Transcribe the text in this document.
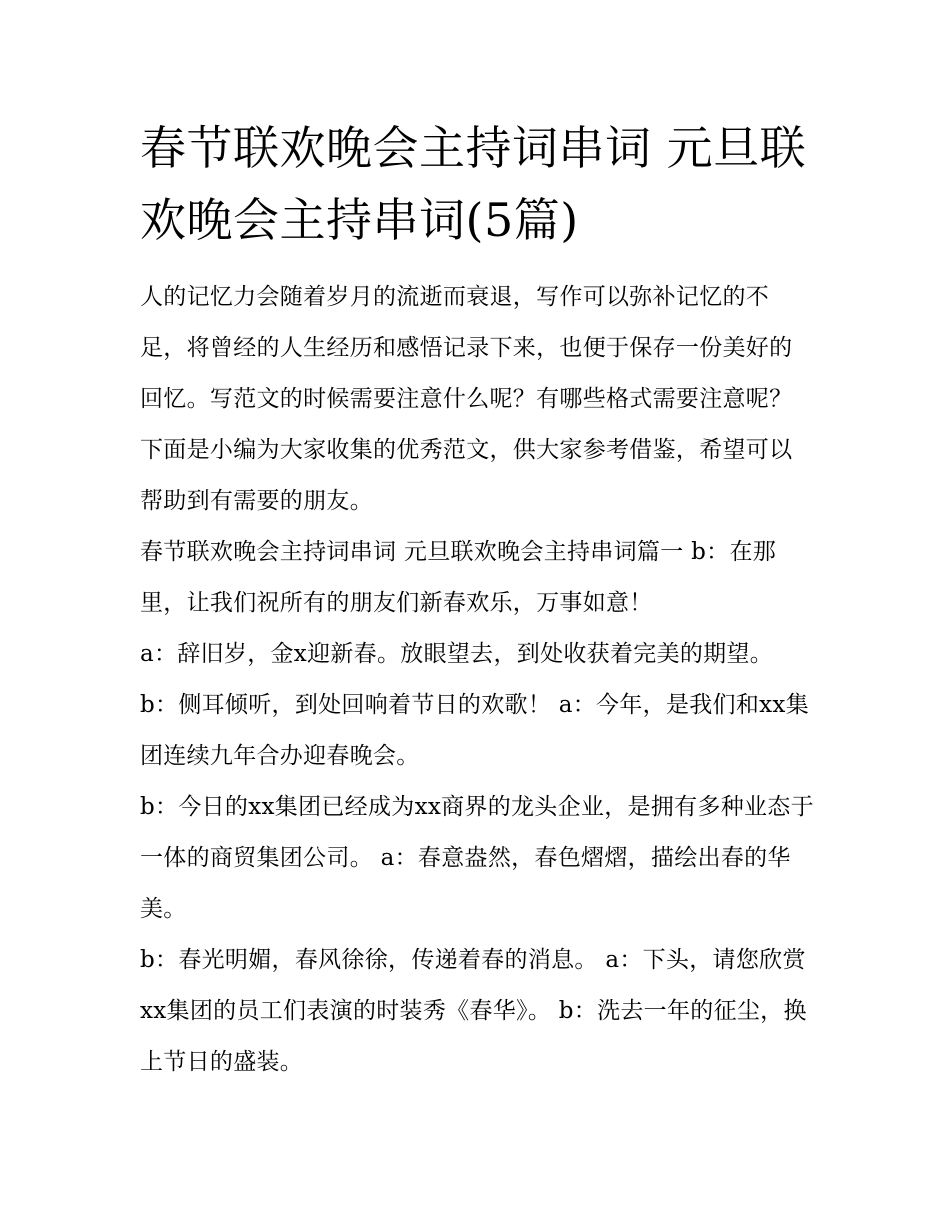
春节联欢晚会主持词串词 元旦联欢晚会主持串词(5篇)

人的记忆力会随着岁月的流逝而衰退，写作可以弥补记忆的不足，将曾经的人生经历和感悟记录下来，也便于保存一份美好的回忆。写范文的时候需要注意什么呢？有哪些格式需要注意呢？下面是小编为大家收集的优秀范文，供大家参考借鉴，希望可以帮助到有需要的朋友。

春节联欢晚会主持词串词 元旦联欢晚会主持串词篇一 b：在那里，让我们祝所有的朋友们新春欢乐，万事如意！

a：辞旧岁，金x迎新春。放眼望去，到处收获着完美的期望。 b：侧耳倾听，到处回响着节日的欢歌！ a：今年，是我们和xx集团连续九年合办迎春晚会。

b：今日的xx集团已经成为xx商界的龙头企业，是拥有多种业态于一体的商贸集团公司。 a：春意盎然，春色熠熠，描绘出春的华美。

b：春光明媚，春风徐徐，传递着春的消息。 a：下头，请您欣赏xx集团的员工们表演的时装秀《春华》。 b：洗去一年的征尘，换上节日的盛装。
